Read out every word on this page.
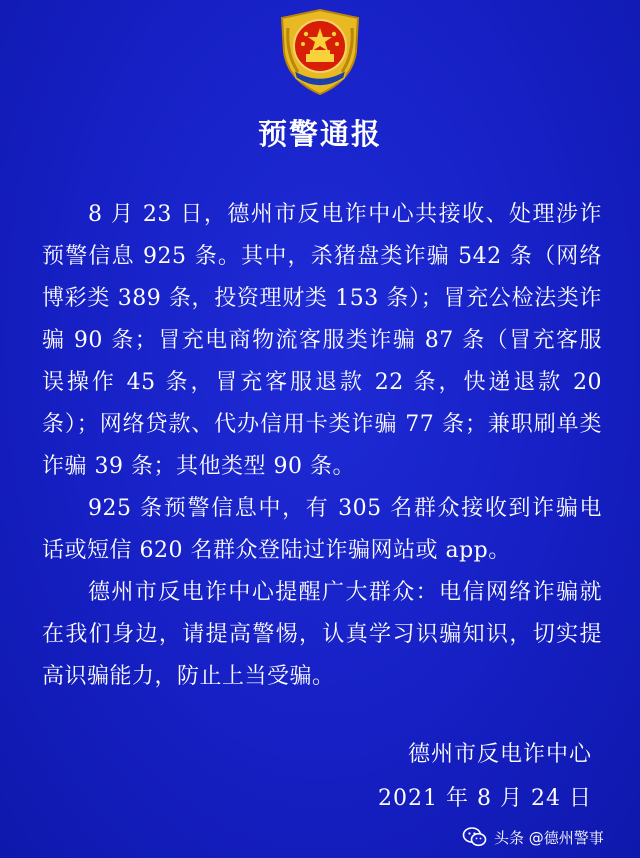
预警通报

8 月 23 日，德州市反电诈中心共接收、处理涉诈预警信息 925 条。其中，杀猪盘类诈骗 542 条（网络博彩类 389 条，投资理财类 153 条）；冒充公检法类诈骗 90 条；冒充电商物流客服类诈骗 87 条（冒充客服误操作 45 条，冒充客服退款 22 条，快递退款 20 条）；网络贷款、代办信用卡类诈骗 77 条；兼职刷单类诈骗 39 条；其他类型 90 条。

925 条预警信息中，有 305 名群众接收到诈骗电话或短信 620 名群众登陆过诈骗网站或 app。

德州市反电诈中心提醒广大群众：电信网络诈骗就在我们身边，请提高警惕，认真学习识骗知识，切实提高识骗能力，防止上当受骗。

德州市反电诈中心
2021 年 8 月 24 日
头条 @德州警事
